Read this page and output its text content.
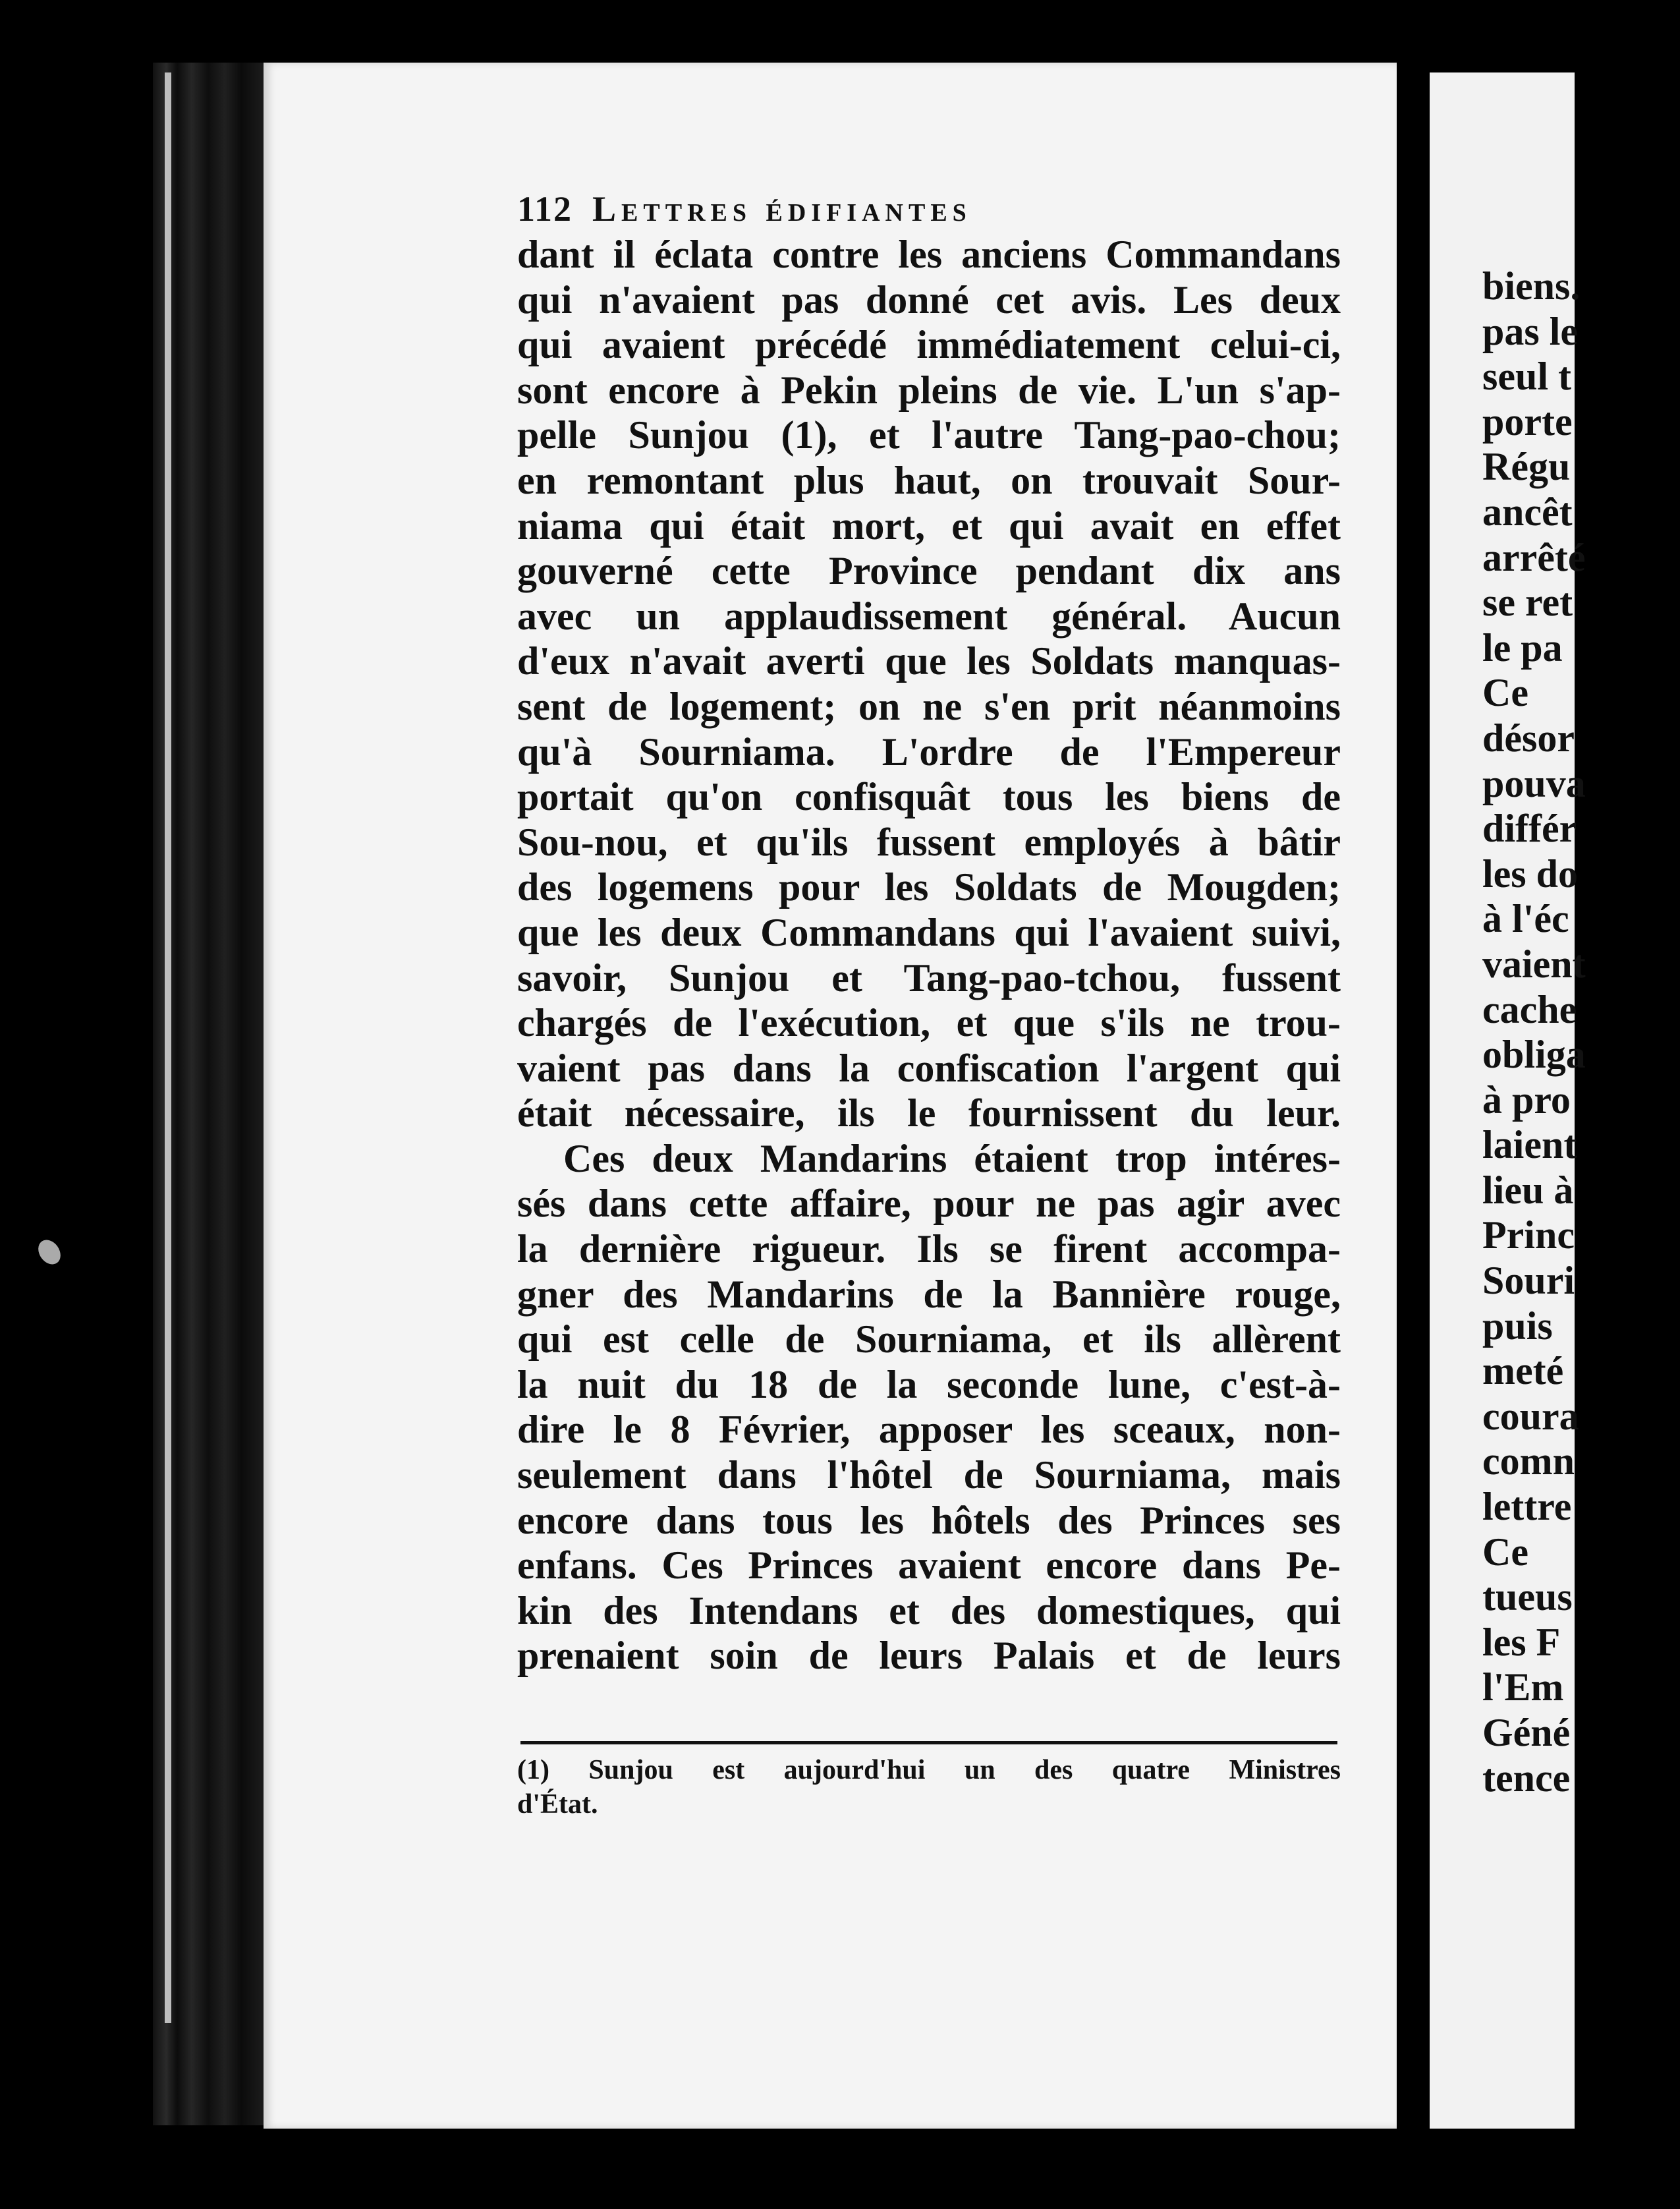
112 Lettres édifiantes
dant il éclata contre les anciens Commandans
qui n'avaient pas donné cet avis. Les deux
qui avaient précédé immédiatement celui-ci,
sont encore à Pekin pleins de vie. L'un s'ap-
pelle Sunjou (1), et l'autre Tang-pao-chou;
en remontant plus haut, on trouvait Sour-
niama qui était mort, et qui avait en effet
gouverné cette Province pendant dix ans
avec un applaudissement général. Aucun
d'eux n'avait averti que les Soldats manquas-
sent de logement; on ne s'en prit néanmoins
qu'à Sourniama. L'ordre de l'Empereur
portait qu'on confisquât tous les biens de
Sou-nou, et qu'ils fussent employés à bâtir
des logemens pour les Soldats de Mougden;
que les deux Commandans qui l'avaient suivi,
savoir, Sunjou et Tang-pao-tchou, fussent
chargés de l'exécution, et que s'ils ne trou-
vaient pas dans la confiscation l'argent qui
était nécessaire, ils le fournissent du leur.
Ces deux Mandarins étaient trop intéres-
sés dans cette affaire, pour ne pas agir avec
la dernière rigueur. Ils se firent accompa-
gner des Mandarins de la Bannière rouge,
qui est celle de Sourniama, et ils allèrent
la nuit du 18 de la seconde lune, c'est-à-
dire le 8 Février, apposer les sceaux, non-
seulement dans l'hôtel de Sourniama, mais
encore dans tous les hôtels des Princes ses
enfans. Ces Princes avaient encore dans Pe-
kin des Intendans et des domestiques, qui
prenaient soin de leurs Palais et de leurs
(1) Sunjou est aujourd'hui un des quatre Ministres
d'État.
biens.
pas le
seul t
porte
Régu
ancêt
arrêté
se ret
le pa
Ce
désor
pouva
différ
les do
à l'éc
vaient
cache
obliga
à pro
laient
lieu à
Princ
Souri
puis
meté
coura
comn
lettre
Ce
tueus
les F
l'Em
Géné
tence
